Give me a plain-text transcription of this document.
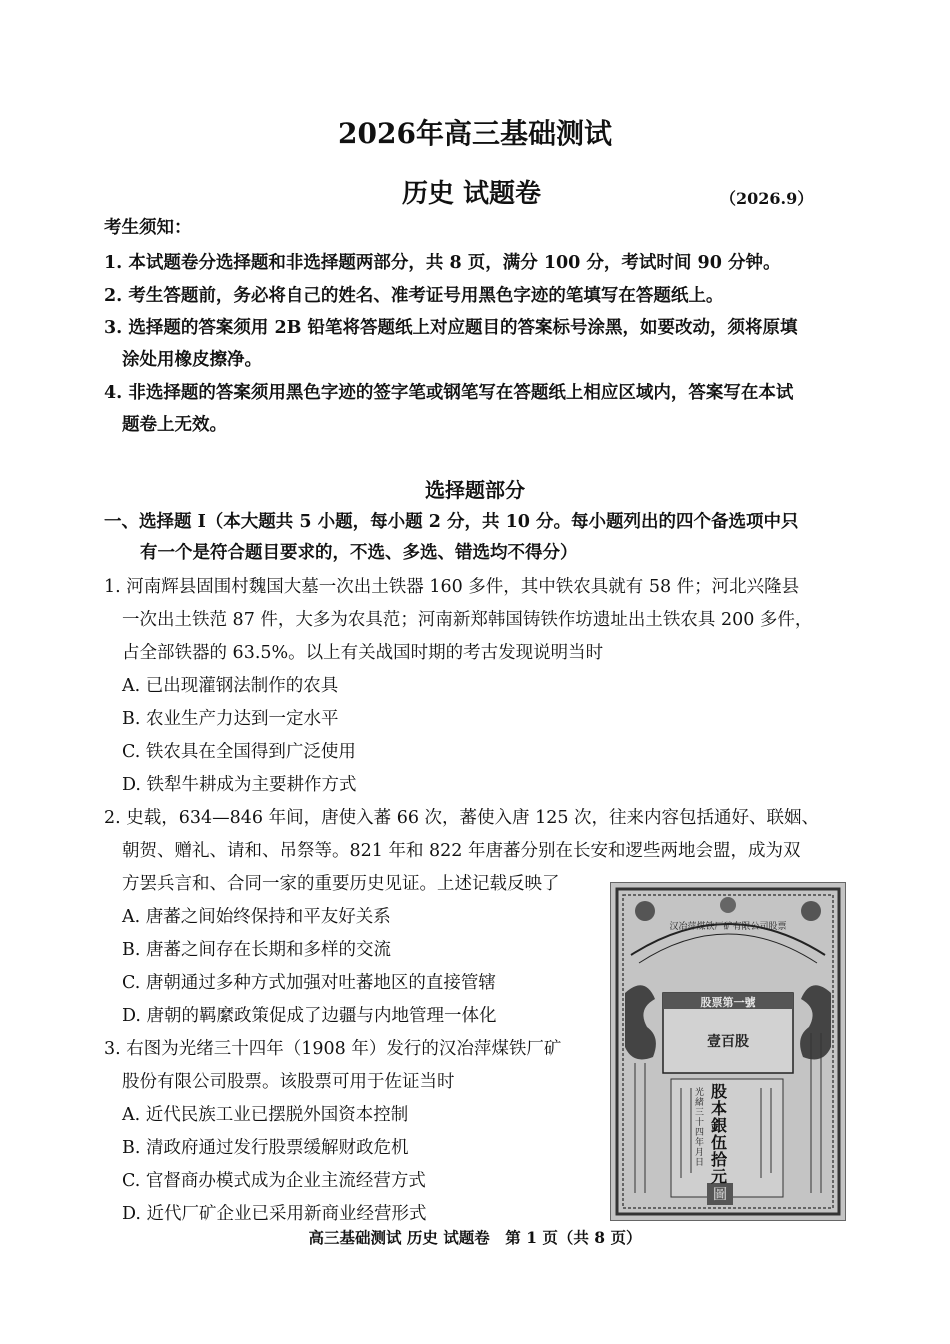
2026年高三基础测试
历史 试题卷	（2026.9）
考生须知：
1. 本试题卷分选择题和非选择题两部分，共 8 页，满分 100 分，考试时间 90 分钟。
2. 考生答题前，务必将自己的姓名、准考证号用黑色字迹的笔填写在答题纸上。
3. 选择题的答案须用 2B 铅笔将答题纸上对应题目的答案标号涂黑，如要改动，须将原填
涂处用橡皮擦净。
4. 非选择题的答案须用黑色字迹的签字笔或钢笔写在答题纸上相应区域内，答案写在本试
题卷上无效。
选择题部分
一、选择题 Ⅰ（本大题共 5 小题，每小题 2 分，共 10 分。每小题列出的四个备选项中只
有一个是符合题目要求的，不选、多选、错选均不得分）
1. 河南辉县固围村魏国大墓一次出土铁器 160 多件，其中铁农具就有 58 件；河北兴隆县
一次出土铁范 87 件，大多为农具范；河南新郑韩国铸铁作坊遗址出土铁农具 200 多件，
占全部铁器的 63.5%。以上有关战国时期的考古发现说明当时
A. 已出现灌钢法制作的农具
B. 农业生产力达到一定水平
C. 铁农具在全国得到广泛使用
D. 铁犁牛耕成为主要耕作方式
2. 史载，634—846 年间，唐使入蕃 66 次，蕃使入唐 125 次，往来内容包括通好、联姻、
朝贺、赠礼、请和、吊祭等。821 年和 822 年唐蕃分别在长安和逻些两地会盟，成为双
方罢兵言和、合同一家的重要历史见证。上述记载反映了
A. 唐蕃之间始终保持和平友好关系
B. 唐蕃之间存在长期和多样的交流
C. 唐朝通过多种方式加强对吐蕃地区的直接管辖
D. 唐朝的羁縻政策促成了边疆与内地管理一体化
3. 右图为光绪三十四年（1908 年）发行的汉冶萍煤铁厂矿
股份有限公司股票。该股票可用于佐证当时
A. 近代民族工业已摆脱外国资本控制
B. 清政府通过发行股票缓解财政危机
C. 官督商办模式成为企业主流经营方式
D. 近代厂矿企业已采用新商业经营形式
汉冶萍煤铁厂矿有限公司股票
股票第一號
壹百股
股本銀伍拾元
光緒三十四年 月 日
圖
高三基础测试 历史 试题卷　第 1 页（共 8 页）
